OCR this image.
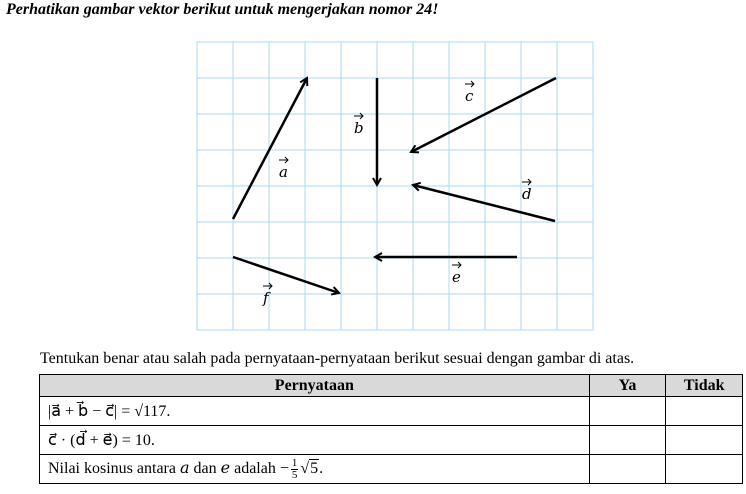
Perhatikan gambar vektor berikut untuk mengerjakan nomor 24!
a
b
c
d
e
f
Tentukan benar atau salah pada pernyataan-pernyataan berikut sesuai dengan gambar di atas.
Pernyataan	Ya	Tidak
|a⃗ + b⃗ − c⃗| = √117.		
c⃗ · (d⃗ + e⃗) = 10.		
Nilai kosinus antara a dan e adalah − $\frac{1}{5} √5$.		
